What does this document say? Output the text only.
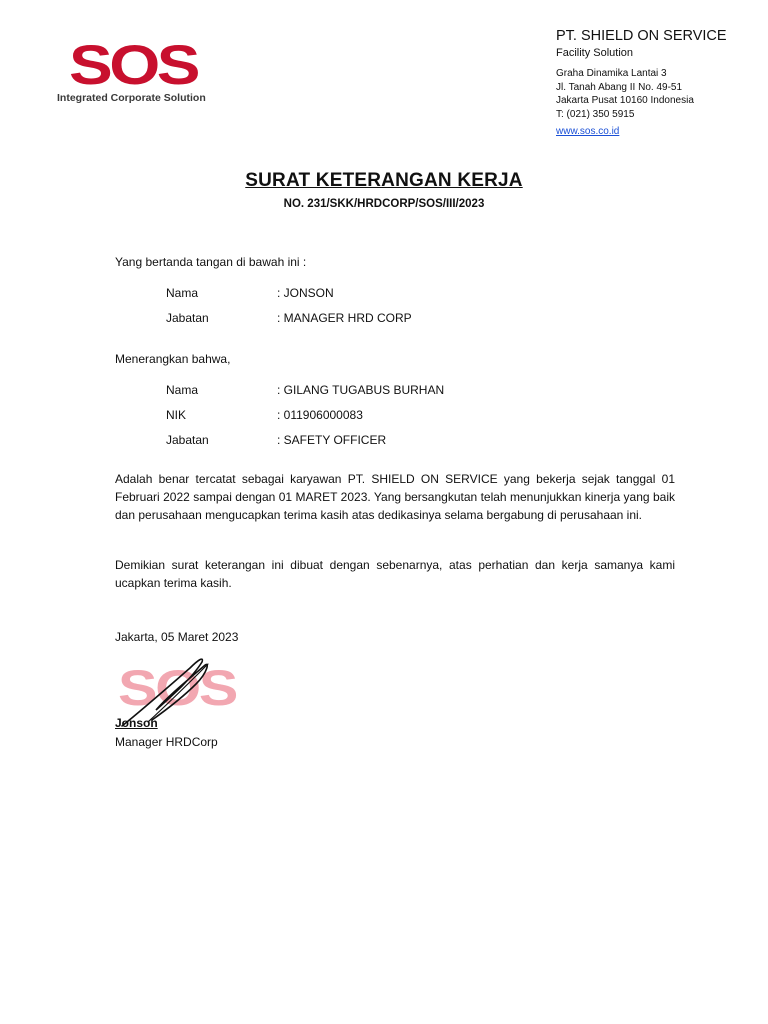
SOS
Integrated Corporate Solution
PT. SHIELD ON SERVICE
Facility Solution
Graha Dinamika Lantai 3
Jl. Tanah Abang II No. 49-51
Jakarta Pusat 10160 Indonesia
T: (021) 350 5915
www.sos.co.id
SURAT KETERANGAN KERJA
NO. 231/SKK/HRDCORP/SOS/III/2023
Yang bertanda tangan di bawah ini :
Nama	: JONSON
Jabatan	: MANAGER HRD CORP
Menerangkan bahwa,
Nama	: GILANG TUGABUS BURHAN
NIK	: 011906000083
Jabatan	: SAFETY OFFICER
Adalah benar tercatat sebagai karyawan PT. SHIELD ON SERVICE yang bekerja sejak tanggal 01 Februari 2022 sampai dengan 01 MARET 2023. Yang bersangkutan telah menunjukkan kinerja yang baik dan perusahaan mengucapkan terima kasih atas dedikasinya selama bergabung di perusahaan ini.
Demikian surat keterangan ini dibuat dengan sebenarnya, atas perhatian dan kerja samanya kami ucapkan terima kasih.
Jakarta, 05 Maret 2023
SOS
Jonson
Manager HRDCorp
